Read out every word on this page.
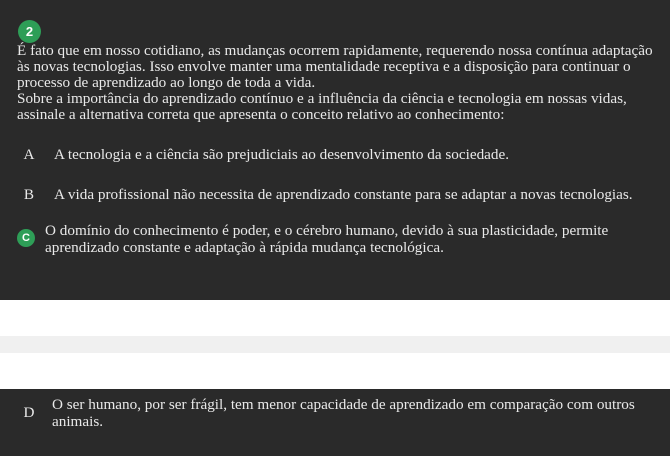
2

É fato que em nosso cotidiano, as mudanças ocorrem rapidamente, requerendo nossa contínua adaptação às novas tecnologias. Isso envolve manter uma mentalidade receptiva e a disposição para continuar o processo de aprendizado ao longo de toda a vida.

Sobre a importância do aprendizado contínuo e a influência da ciência e tecnologia em nossas vidas, assinale a alternativa correta que apresenta o conceito relativo ao conhecimento:

A A tecnologia e a ciência são prejudiciais ao desenvolvimento da sociedade.
B A vida profissional não necessita de aprendizado constante para se adaptar a novas tecnologias.
C O domínio do conhecimento é poder, e o cérebro humano, devido à sua plasticidade, permite aprendizado constante e adaptação à rápida mudança tecnológica.
D O ser humano, por ser frágil, tem menor capacidade de aprendizado em comparação com outros animais.
